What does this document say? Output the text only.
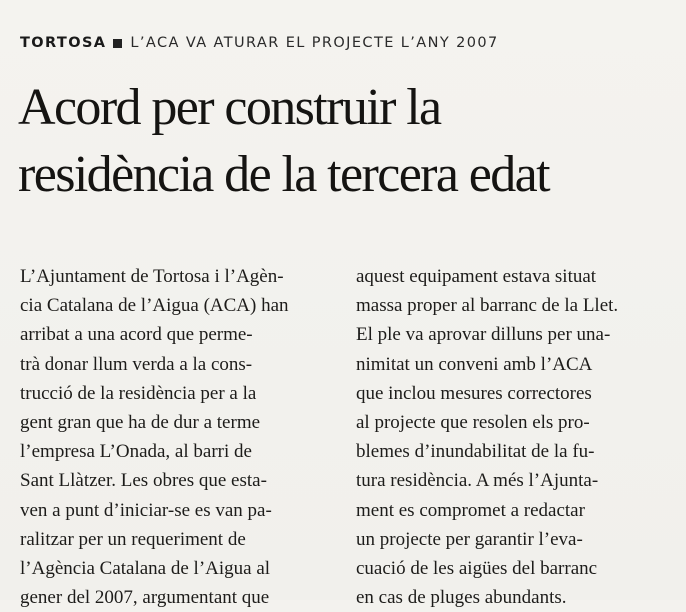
TORTOSA L’ACA VA ATURAR EL PROJECTE L’ANY 2007
Acord per construir la
residència de la tercera edat
L’Ajuntament de Tortosa i l’Agèn-
cia Catalana de l’Aigua (ACA) han
arribat a una acord que perme-
trà donar llum verda a la cons-
trucció de la residència per a la
gent gran que ha de dur a terme
l’empresa L’Onada, al barri de
Sant Llàtzer. Les obres que esta-
ven a punt d’iniciar-se es van pa-
ralitzar per un requeriment de
l’Agència Catalana de l’Aigua al
gener del 2007, argumentant que
aquest equipament estava situat
massa proper al barranc de la Llet.
El ple va aprovar dilluns per una-
nimitat un conveni amb l’ACA
que inclou mesures correctores
al projecte que resolen els pro-
blemes d’inundabilitat de la fu-
tura residència. A més l’Ajunta-
ment es compromet a redactar
un projecte per garantir l’eva-
cuació de les aigües del barranc
en cas de pluges abundants.
